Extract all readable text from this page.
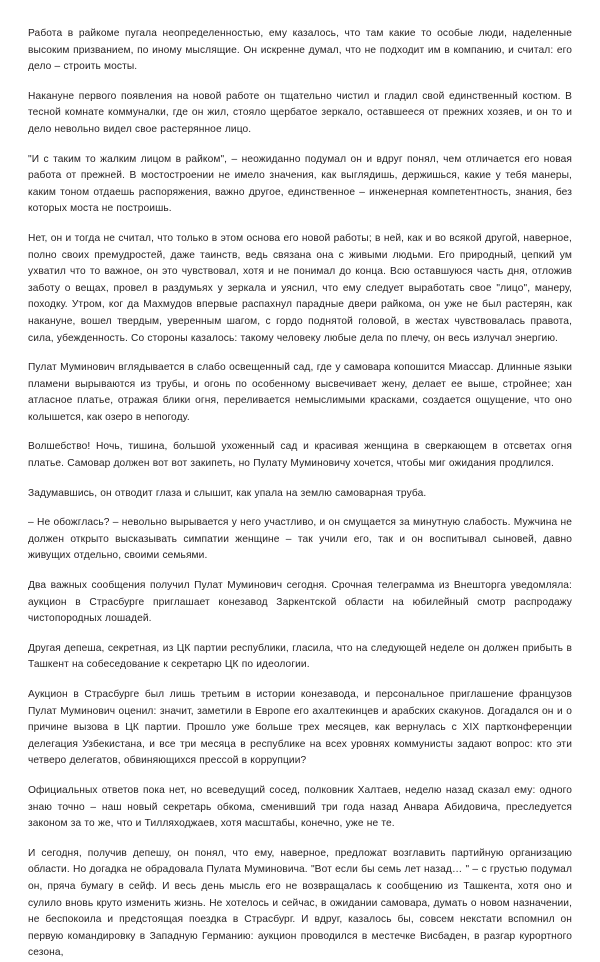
Работа в райкоме пугала неопределенностью, ему казалось, что там какие то особые люди, наделенные высоким призванием, по иному мыслящие. Он искренне думал, что не подходит им в компанию, и считал: его дело – строить мосты.

Накануне первого появления на новой работе он тщательно чистил и гладил свой единственный костюм. В тесной комнате коммуналки, где он жил, стояло щербатое зеркало, оставшееся от прежних хозяев, и он то и дело невольно видел свое растерянное лицо.

"И с таким то жалким лицом в райком", – неожиданно подумал он и вдруг понял, чем отличается его новая работа от прежней. В мостостроении не имело значения, как выглядишь, держишься, какие у тебя манеры, каким тоном отдаешь распоряжения, важно другое, единственное – инженерная компетентность, знания, без которых моста не построишь.

Нет, он и тогда не считал, что только в этом основа его новой работы; в ней, как и во всякой другой, наверное, полно своих премудростей, даже таинств, ведь связана она с живыми людьми. Его природный, цепкий ум ухватил что то важное, он это чувствовал, хотя и не понимал до конца. Всю оставшуюся часть дня, отложив заботу о вещах, провел в раздумьях у зеркала и уяснил, что ему следует выработать свое "лицо", манеру, походку. Утром, ког да Махмудов впервые распахнул парадные двери райкома, он уже не был растерян, как накануне, вошел твердым, уверенным шагом, с гордо поднятой головой, в жестах чувствовалась правота, сила, убежденность. Со стороны казалось: такому человеку любые дела по плечу, он весь излучал энергию.

Пулат Муминович вглядывается в слабо освещенный сад, где у самовара копошится Миассар. Длинные языки пламени вырываются из трубы, и огонь по особенному высвечивает жену, делает ее выше, стройнее; хан атласное платье, отражая блики огня, переливается немыслимыми красками, создается ощущение, что оно колышется, как озеро в непогоду.

Волшебство! Ночь, тишина, большой ухоженный сад и красивая женщина в сверкающем в отсветах огня платье. Самовар должен вот вот закипеть, но Пулату Муминовичу хочется, чтобы миг ожидания продлился.

Задумавшись, он отводит глаза и слышит, как упала на землю самоварная труба.

– Не обожглась? – невольно вырывается у него участливо, и он смущается за минутную слабость. Мужчина не должен открыто высказывать симпатии женщине – так учили его, так и он воспитывал сыновей, давно живущих отдельно, своими семьями.

Два важных сообщения получил Пулат Муминович сегодня. Срочная телеграмма из Внешторга уведомляла: аукцион в Страсбурге приглашает конезавод Заркентской области на юбилейный смотр распродажу чистопородных лошадей.

Другая депеша, секретная, из ЦК партии республики, гласила, что на следующей неделе он должен прибыть в Ташкент на собеседование к секретарю ЦК по идеологии.

Аукцион в Страсбурге был лишь третьим в истории конезавода, и персональное приглашение французов Пулат Муминович оценил: значит, заметили в Европе его ахалтекинцев и арабских скакунов. Догадался он и о причине вызова в ЦК партии. Прошло уже больше трех месяцев, как вернулась с XIX партконференции делегация Узбекистана, и все три месяца в республике на всех уровнях коммунисты задают вопрос: кто эти четверо делегатов, обвиняющихся прессой в коррупции?

Официальных ответов пока нет, но всеведущий сосед, полковник Халтаев, неделю назад сказал ему: одного знаю точно – наш новый секретарь обкома, сменивший три года назад Анвара Абидовича, преследуется законом за то же, что и Тилляходжаев, хотя масштабы, конечно, уже не те.

И сегодня, получив депешу, он понял, что ему, наверное, предложат возглавить партийную организацию области. Но догадка не обрадовала Пулата Муминовича. "Вот если бы семь лет назад… " – с грустью подумал он, пряча бумагу в сейф. И весь день мысль его не возвращалась к сообщению из Ташкента, хотя оно и сулило вновь круто изменить жизнь. Не хотелось и сейчас, в ожидании самовара, думать о новом назначении, не беспокоила и предстоящая поездка в Страсбург. И вдруг, казалось бы, совсем некстати вспомнил он первую командировку в Западную Германию: аукцион проводился в местечке Висбаден, в разгар курортного сезона,
